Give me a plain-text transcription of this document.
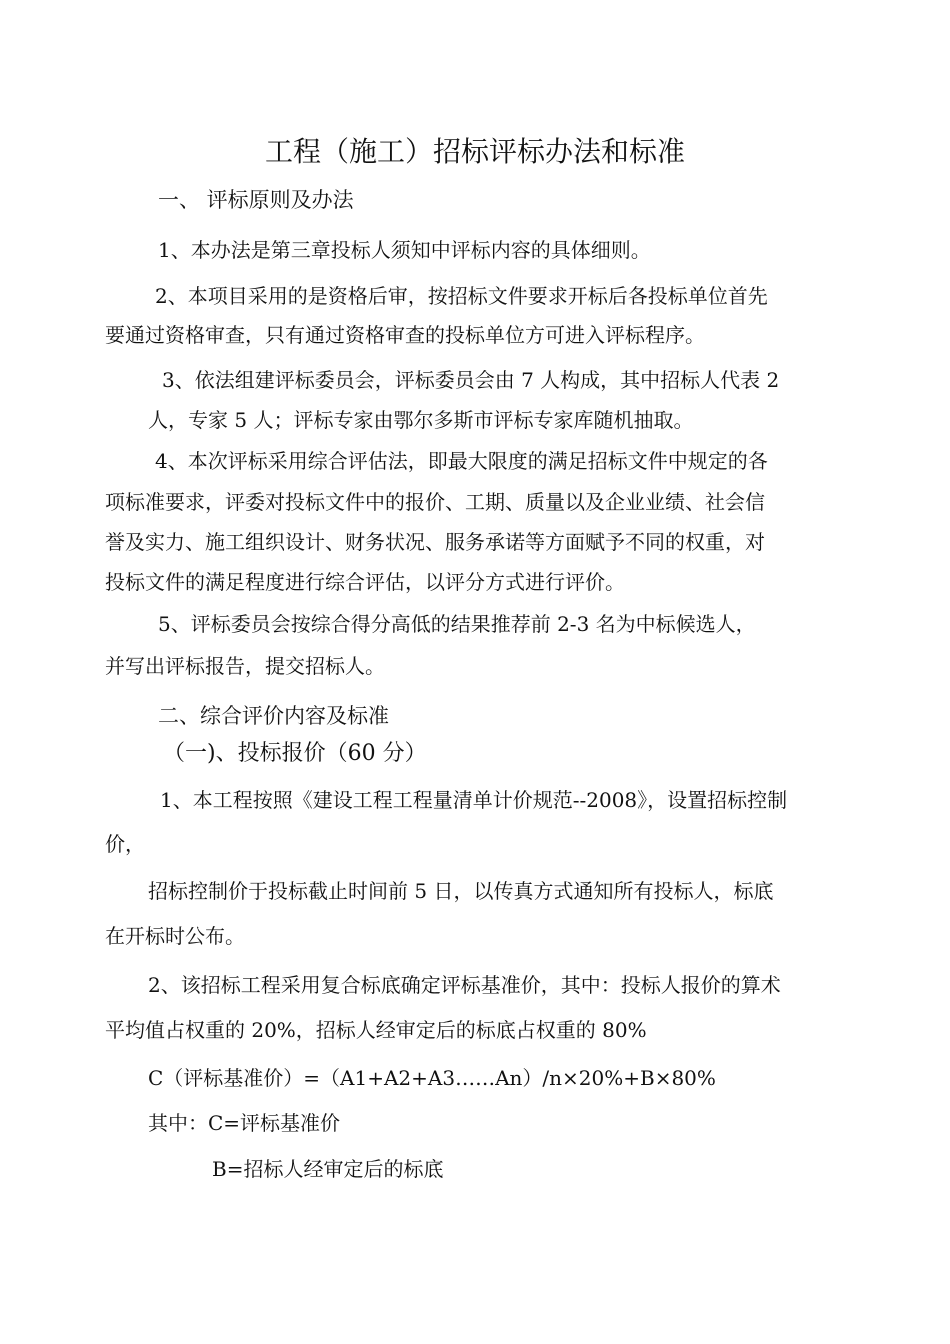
工程（施工）招标评标办法和标准
一、 评标原则及办法
1、本办法是第三章投标人须知中评标内容的具体细则。
2、本项目采用的是资格后审，按招标文件要求开标后各投标单位首先
要通过资格审查，只有通过资格审查的投标单位方可进入评标程序。
3、依法组建评标委员会，评标委员会由 7 人构成，其中招标人代表 2
人，专家 5 人；评标专家由鄂尔多斯市评标专家库随机抽取。
4、本次评标采用综合评估法，即最大限度的满足招标文件中规定的各
项标准要求，评委对投标文件中的报价、工期、质量以及企业业绩、社会信
誉及实力、施工组织设计、财务状况、服务承诺等方面赋予不同的权重，对
投标文件的满足程度进行综合评估，以评分方式进行评价。
5、评标委员会按综合得分高低的结果推荐前 2-3 名为中标候选人，
并写出评标报告，提交招标人。
二、综合评价内容及标准
（一)、投标报价（60 分）
1、本工程按照《建设工程工程量清单计价规范--2008》，设置招标控制
价，
招标控制价于投标截止时间前 5 日，以传真方式通知所有投标人，标底
在开标时公布。
2、该招标工程采用复合标底确定评标基准价，其中：投标人报价的算术
平均值占权重的 20%，招标人经审定后的标底占权重的 80%
C（评标基准价）=（A1+A2+A3……An）/n×20%+B×80%
其中：C=评标基准价
B=招标人经审定后的标底
